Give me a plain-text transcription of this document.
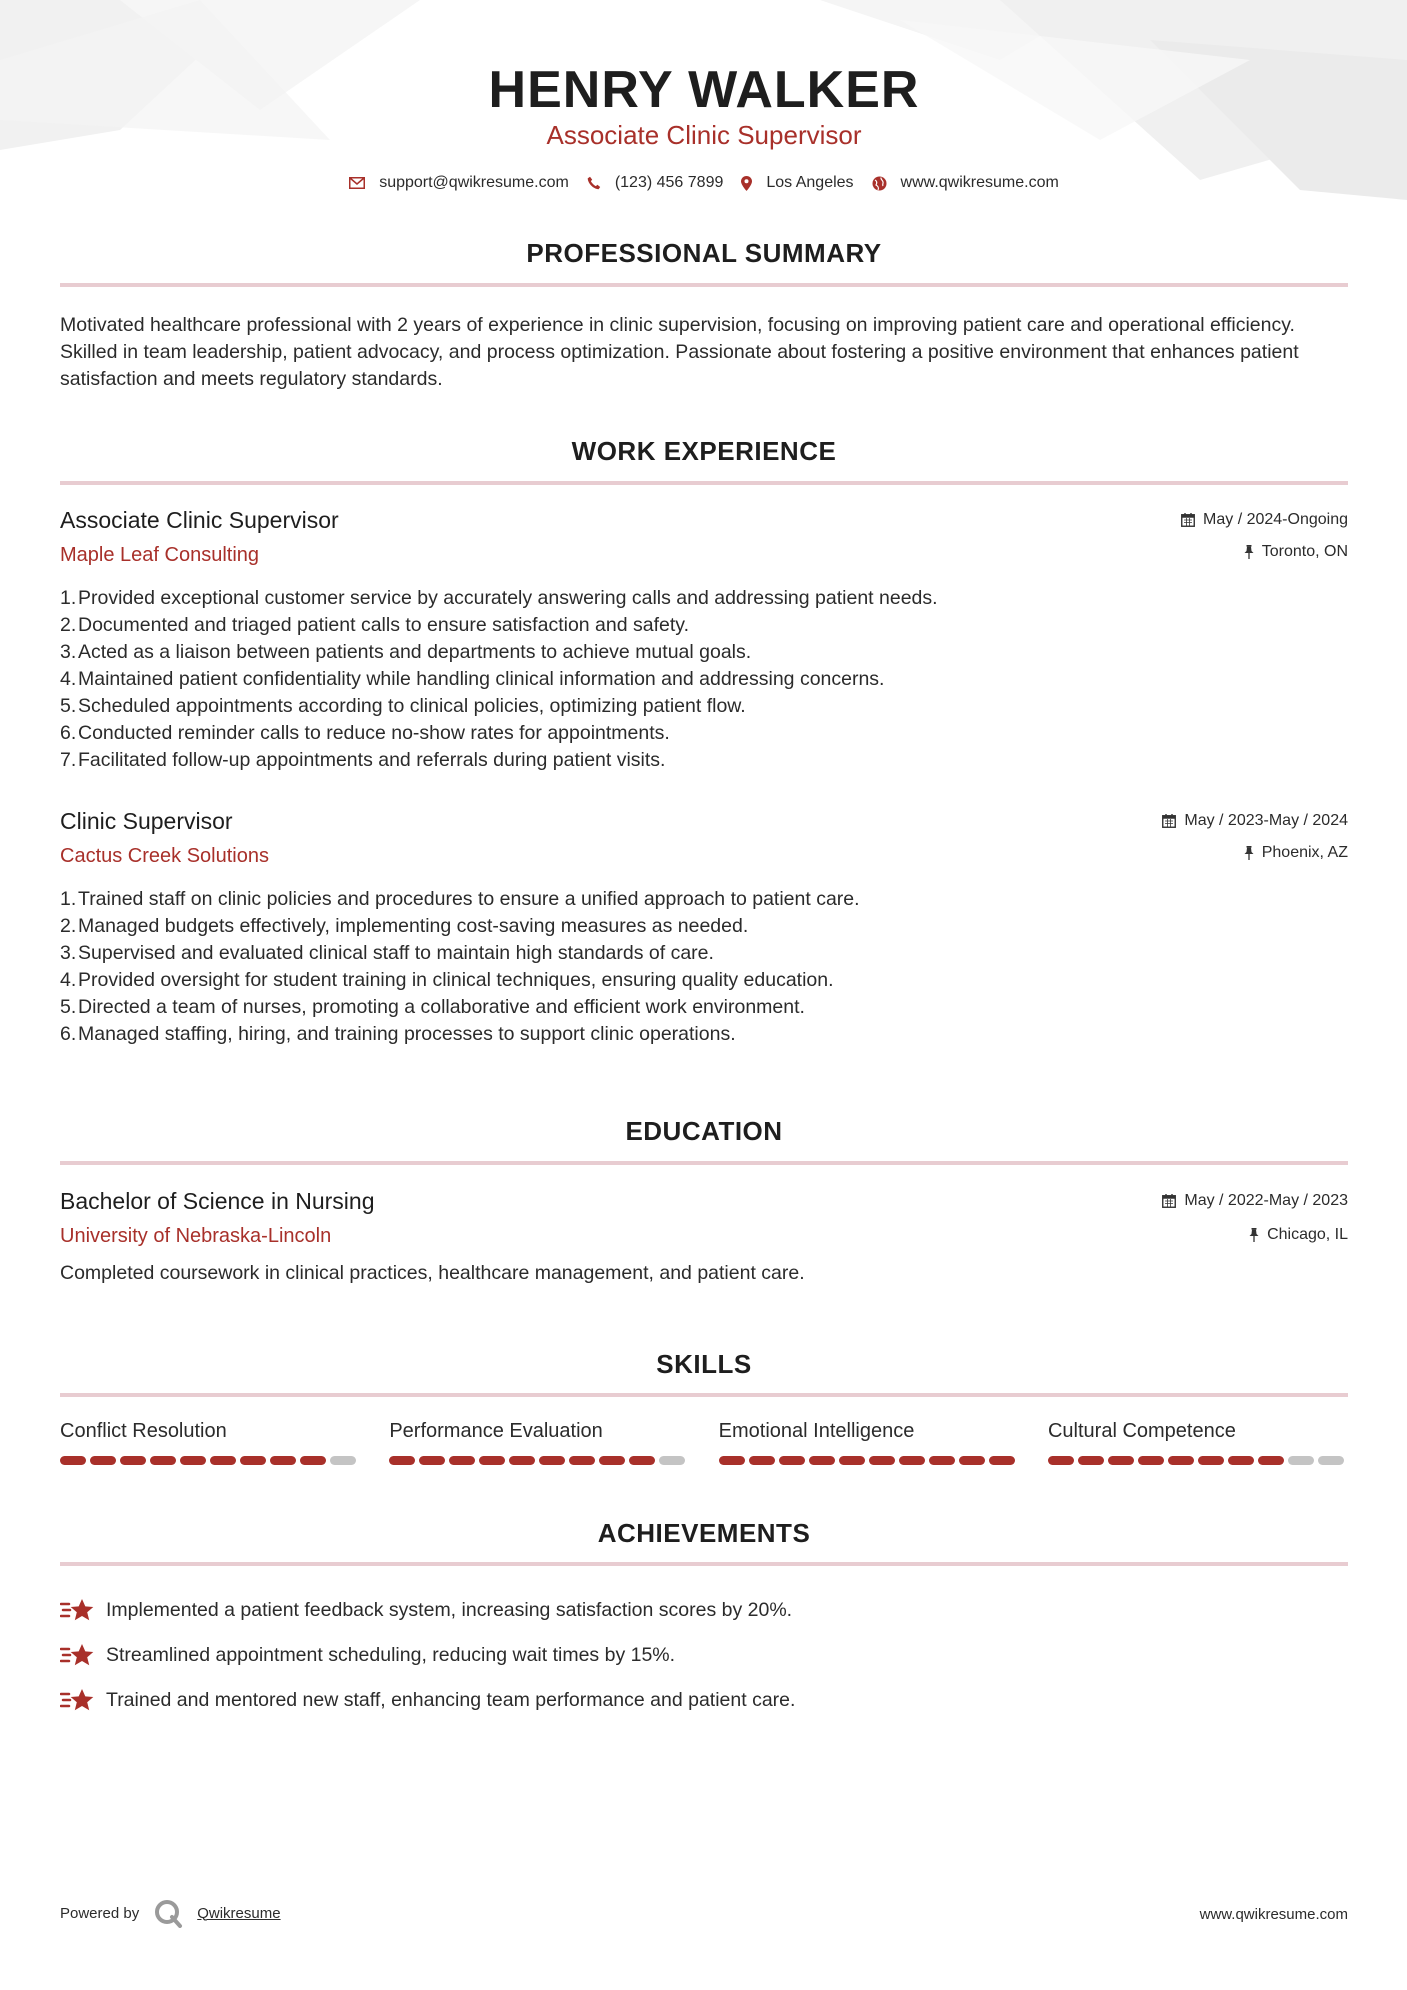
HENRY WALKER
Associate Clinic Supervisor
support@qwikresume.com	(123) 456 7899	Los Angeles	www.qwikresume.com
PROFESSIONAL SUMMARY
Motivated healthcare professional with 2 years of experience in clinic supervision, focusing on improving patient care and operational efficiency. Skilled in team leadership, patient advocacy, and process optimization. Passionate about fostering a positive environment that enhances patient satisfaction and meets regulatory standards.
WORK EXPERIENCE
Associate Clinic Supervisor
Maple Leaf Consulting
May / 2024-Ongoing
Toronto, ON
1. Provided exceptional customer service by accurately answering calls and addressing patient needs.
2. Documented and triaged patient calls to ensure satisfaction and safety.
3. Acted as a liaison between patients and departments to achieve mutual goals.
4. Maintained patient confidentiality while handling clinical information and addressing concerns.
5. Scheduled appointments according to clinical policies, optimizing patient flow.
6. Conducted reminder calls to reduce no-show rates for appointments.
7. Facilitated follow-up appointments and referrals during patient visits.
Clinic Supervisor
Cactus Creek Solutions
May / 2023-May / 2024
Phoenix, AZ
1. Trained staff on clinic policies and procedures to ensure a unified approach to patient care.
2. Managed budgets effectively, implementing cost-saving measures as needed.
3. Supervised and evaluated clinical staff to maintain high standards of care.
4. Provided oversight for student training in clinical techniques, ensuring quality education.
5. Directed a team of nurses, promoting a collaborative and efficient work environment.
6. Managed staffing, hiring, and training processes to support clinic operations.
EDUCATION
Bachelor of Science in Nursing
University of Nebraska-Lincoln
May / 2022-May / 2023
Chicago, IL
Completed coursework in clinical practices, healthcare management, and patient care.
SKILLS
Conflict Resolution	Performance Evaluation	Emotional Intelligence	Cultural Competence
ACHIEVEMENTS
Implemented a patient feedback system, increasing satisfaction scores by 20%.
Streamlined appointment scheduling, reducing wait times by 15%.
Trained and mentored new staff, enhancing team performance and patient care.
Powered by	Qwikresume	www.qwikresume.com
